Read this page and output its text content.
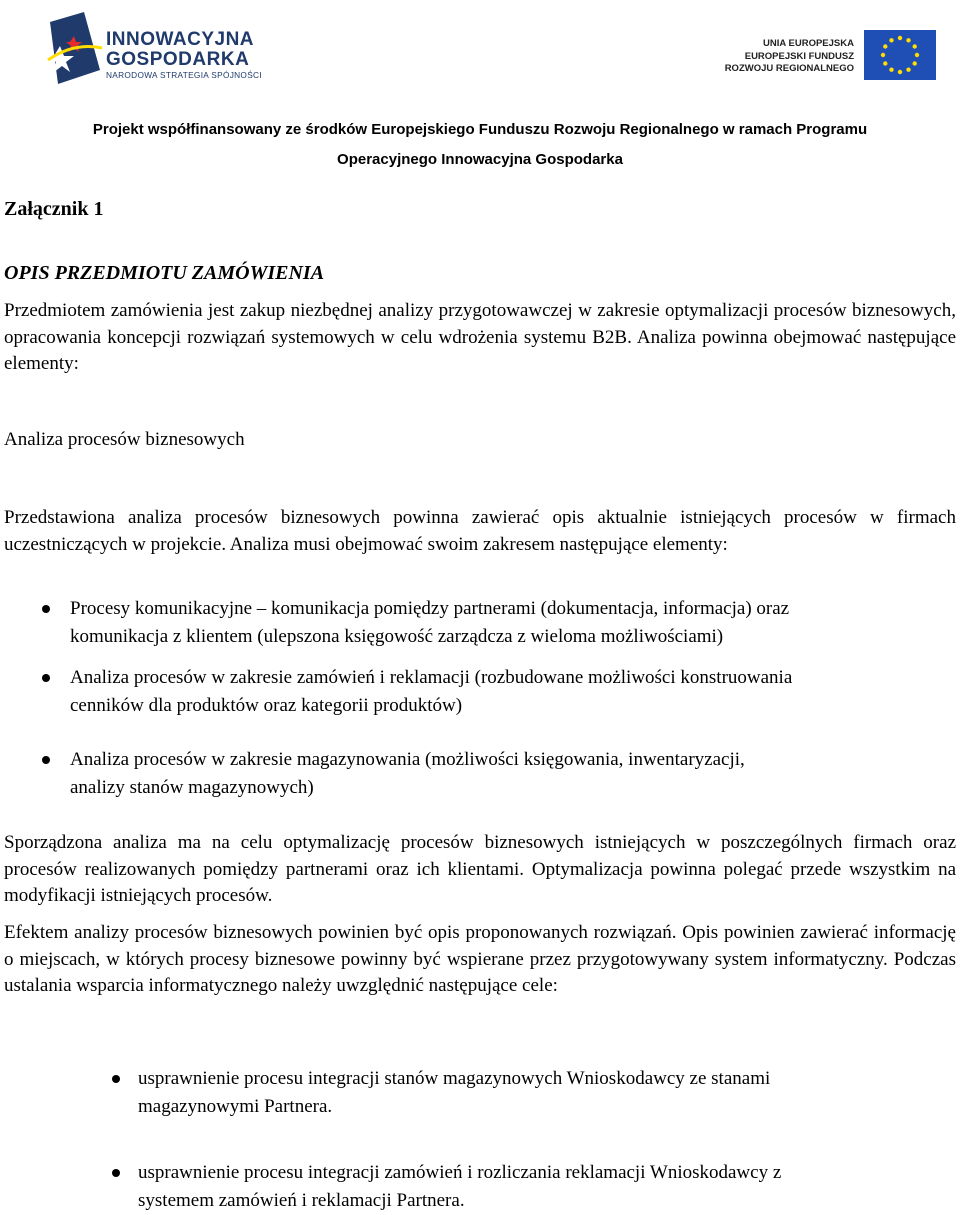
INNOWACYJNA
GOSPODARKA
NARODOWA STRATEGIA SPÓJNOŚCI
UNIA EUROPEJSKA
EUROPEJSKI FUNDUSZ
ROZWOJU REGIONALNEGO
Projekt współfinansowany ze środków Europejskiego Funduszu Rozwoju Regionalnego w ramach Programu
Operacyjnego Innowacyjna Gospodarka
Załącznik 1
OPIS PRZEDMIOTU ZAMÓWIENIA
Przedmiotem zamówienia jest zakup niezbędnej analizy przygotowawczej w zakresie optymalizacji procesów biznesowych, opracowania koncepcji rozwiązań systemowych w celu wdrożenia systemu B2B. Analiza powinna obejmować następujące elementy:
Analiza procesów biznesowych
Przedstawiona analiza procesów biznesowych powinna zawierać opis aktualnie istniejących procesów w firmach uczestniczących w projekcie. Analiza musi obejmować swoim zakresem następujące elementy:
Procesy komunikacyjne – komunikacja pomiędzy partnerami (dokumentacja, informacja) oraz
komunikacja z klientem (ulepszona księgowość zarządcza z wieloma możliwościami)
Analiza procesów w zakresie zamówień i reklamacji (rozbudowane możliwości konstruowania
cenników dla produktów oraz kategorii produktów)
Analiza procesów w zakresie magazynowania (możliwości księgowania, inwentaryzacji,
analizy stanów magazynowych)
Sporządzona analiza ma na celu optymalizację procesów biznesowych istniejących w poszczególnych firmach oraz procesów realizowanych pomiędzy partnerami oraz ich klientami. Optymalizacja powinna polegać przede wszystkim na modyfikacji istniejących procesów.
Efektem analizy procesów biznesowych powinien być opis proponowanych rozwiązań. Opis powinien zawierać informację o miejscach, w których procesy biznesowe powinny być wspierane przez przygotowywany system informatyczny. Podczas ustalania wsparcia informatycznego należy uwzględnić następujące cele:
usprawnienie procesu integracji stanów magazynowych Wnioskodawcy ze stanami
magazynowymi Partnera.
usprawnienie procesu integracji zamówień i rozliczania reklamacji Wnioskodawcy z
systemem zamówień i reklamacji Partnera.
